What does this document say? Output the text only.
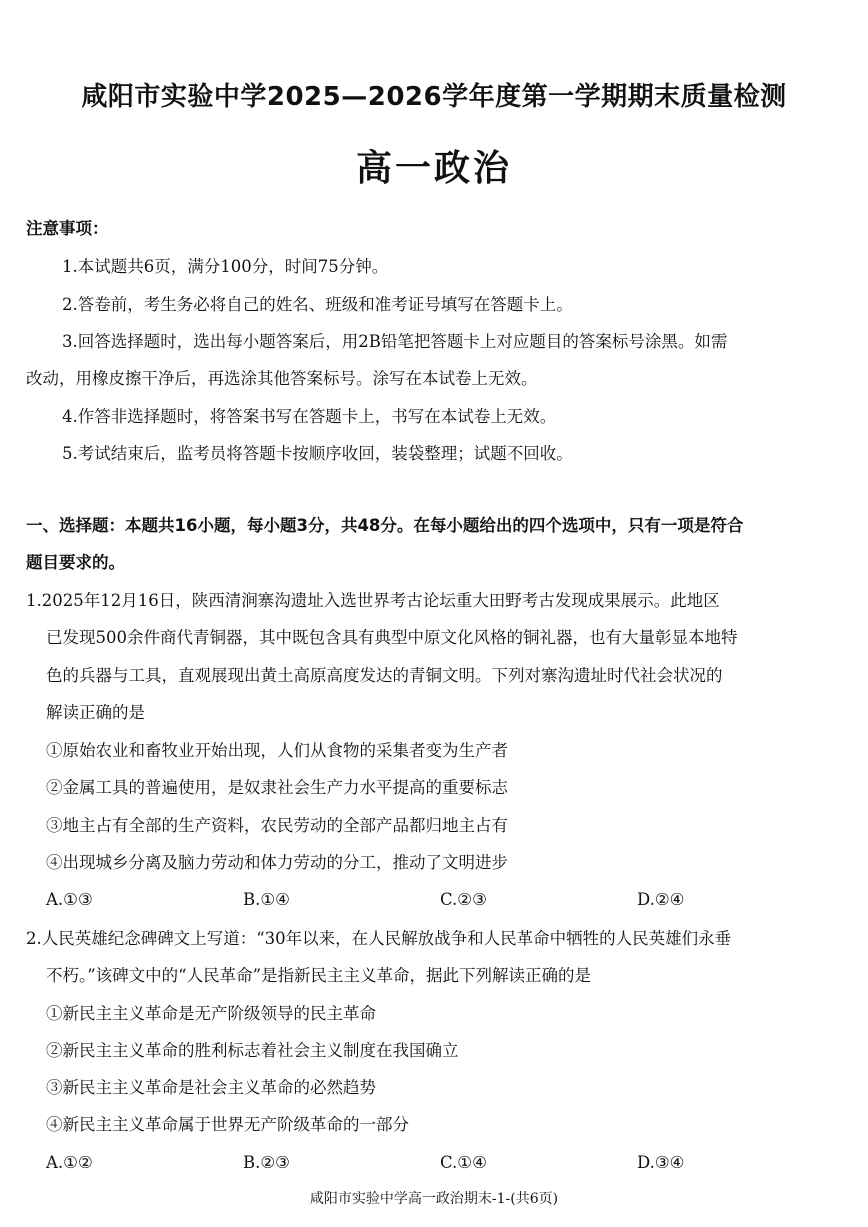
咸阳市实验中学2025—2026学年度第一学期期末质量检测
高一政治
注意事项：
1.本试题共6页，满分100分，时间75分钟。
2.答卷前，考生务必将自己的姓名、班级和准考证号填写在答题卡上。
3.回答选择题时，选出每小题答案后，用2B铅笔把答题卡上对应题目的答案标号涂黑。如需
改动，用橡皮擦干净后，再选涂其他答案标号。涂写在本试卷上无效。
4.作答非选择题时，将答案书写在答题卡上，书写在本试卷上无效。
5.考试结束后，监考员将答题卡按顺序收回，装袋整理；试题不回收。
一、选择题：本题共16小题，每小题3分，共48分。在每小题给出的四个选项中，只有一项是符合
题目要求的。
1.2025年12月16日，陕西清涧寨沟遗址入选世界考古论坛重大田野考古发现成果展示。此地区
已发现500余件商代青铜器，其中既包含具有典型中原文化风格的铜礼器，也有大量彰显本地特
色的兵器与工具，直观展现出黄土高原高度发达的青铜文明。下列对寨沟遗址时代社会状况的
解读正确的是
①原始农业和畜牧业开始出现，人们从食物的采集者变为生产者
②金属工具的普遍使用，是奴隶社会生产力水平提高的重要标志
③地主占有全部的生产资料，农民劳动的全部产品都归地主占有
④出现城乡分离及脑力劳动和体力劳动的分工，推动了文明进步
A.①③	B.①④	C.②③	D.②④
2.人民英雄纪念碑碑文上写道：“30年以来，在人民解放战争和人民革命中牺牲的人民英雄们永垂
不朽。”该碑文中的“人民革命”是指新民主主义革命，据此下列解读正确的是
①新民主主义革命是无产阶级领导的民主革命
②新民主主义革命的胜利标志着社会主义制度在我国确立
③新民主主义革命是社会主义革命的必然趋势
④新民主主义革命属于世界无产阶级革命的一部分
A.①②	B.②③	C.①④	D.③④
咸阳市实验中学高一政治期末-1-(共6页)
